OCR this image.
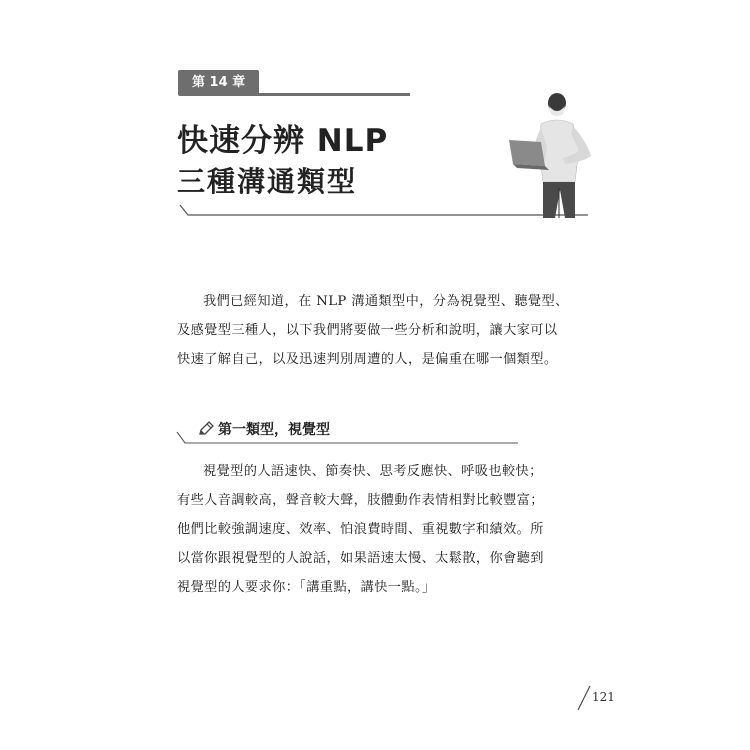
第 14 章
快速分辨 NLP
三種溝通類型
我們已經知道，在 NLP 溝通類型中，分為視覺型、聽覺型、
及感覺型三種人，以下我們將要做一些分析和說明，讓大家可以
快速了解自己，以及迅速判別周遭的人，是偏重在哪一個類型。
第一類型，視覺型
視覺型的人語速快、節奏快、思考反應快、呼吸也較快；
有些人音調較高，聲音較大聲，肢體動作表情相對比較豐富；
他們比較強調速度、效率、怕浪費時間、重視數字和績效。所
以當你跟視覺型的人說話，如果語速太慢、太鬆散，你會聽到
視覺型的人要求你：「講重點，講快一點。」
121
